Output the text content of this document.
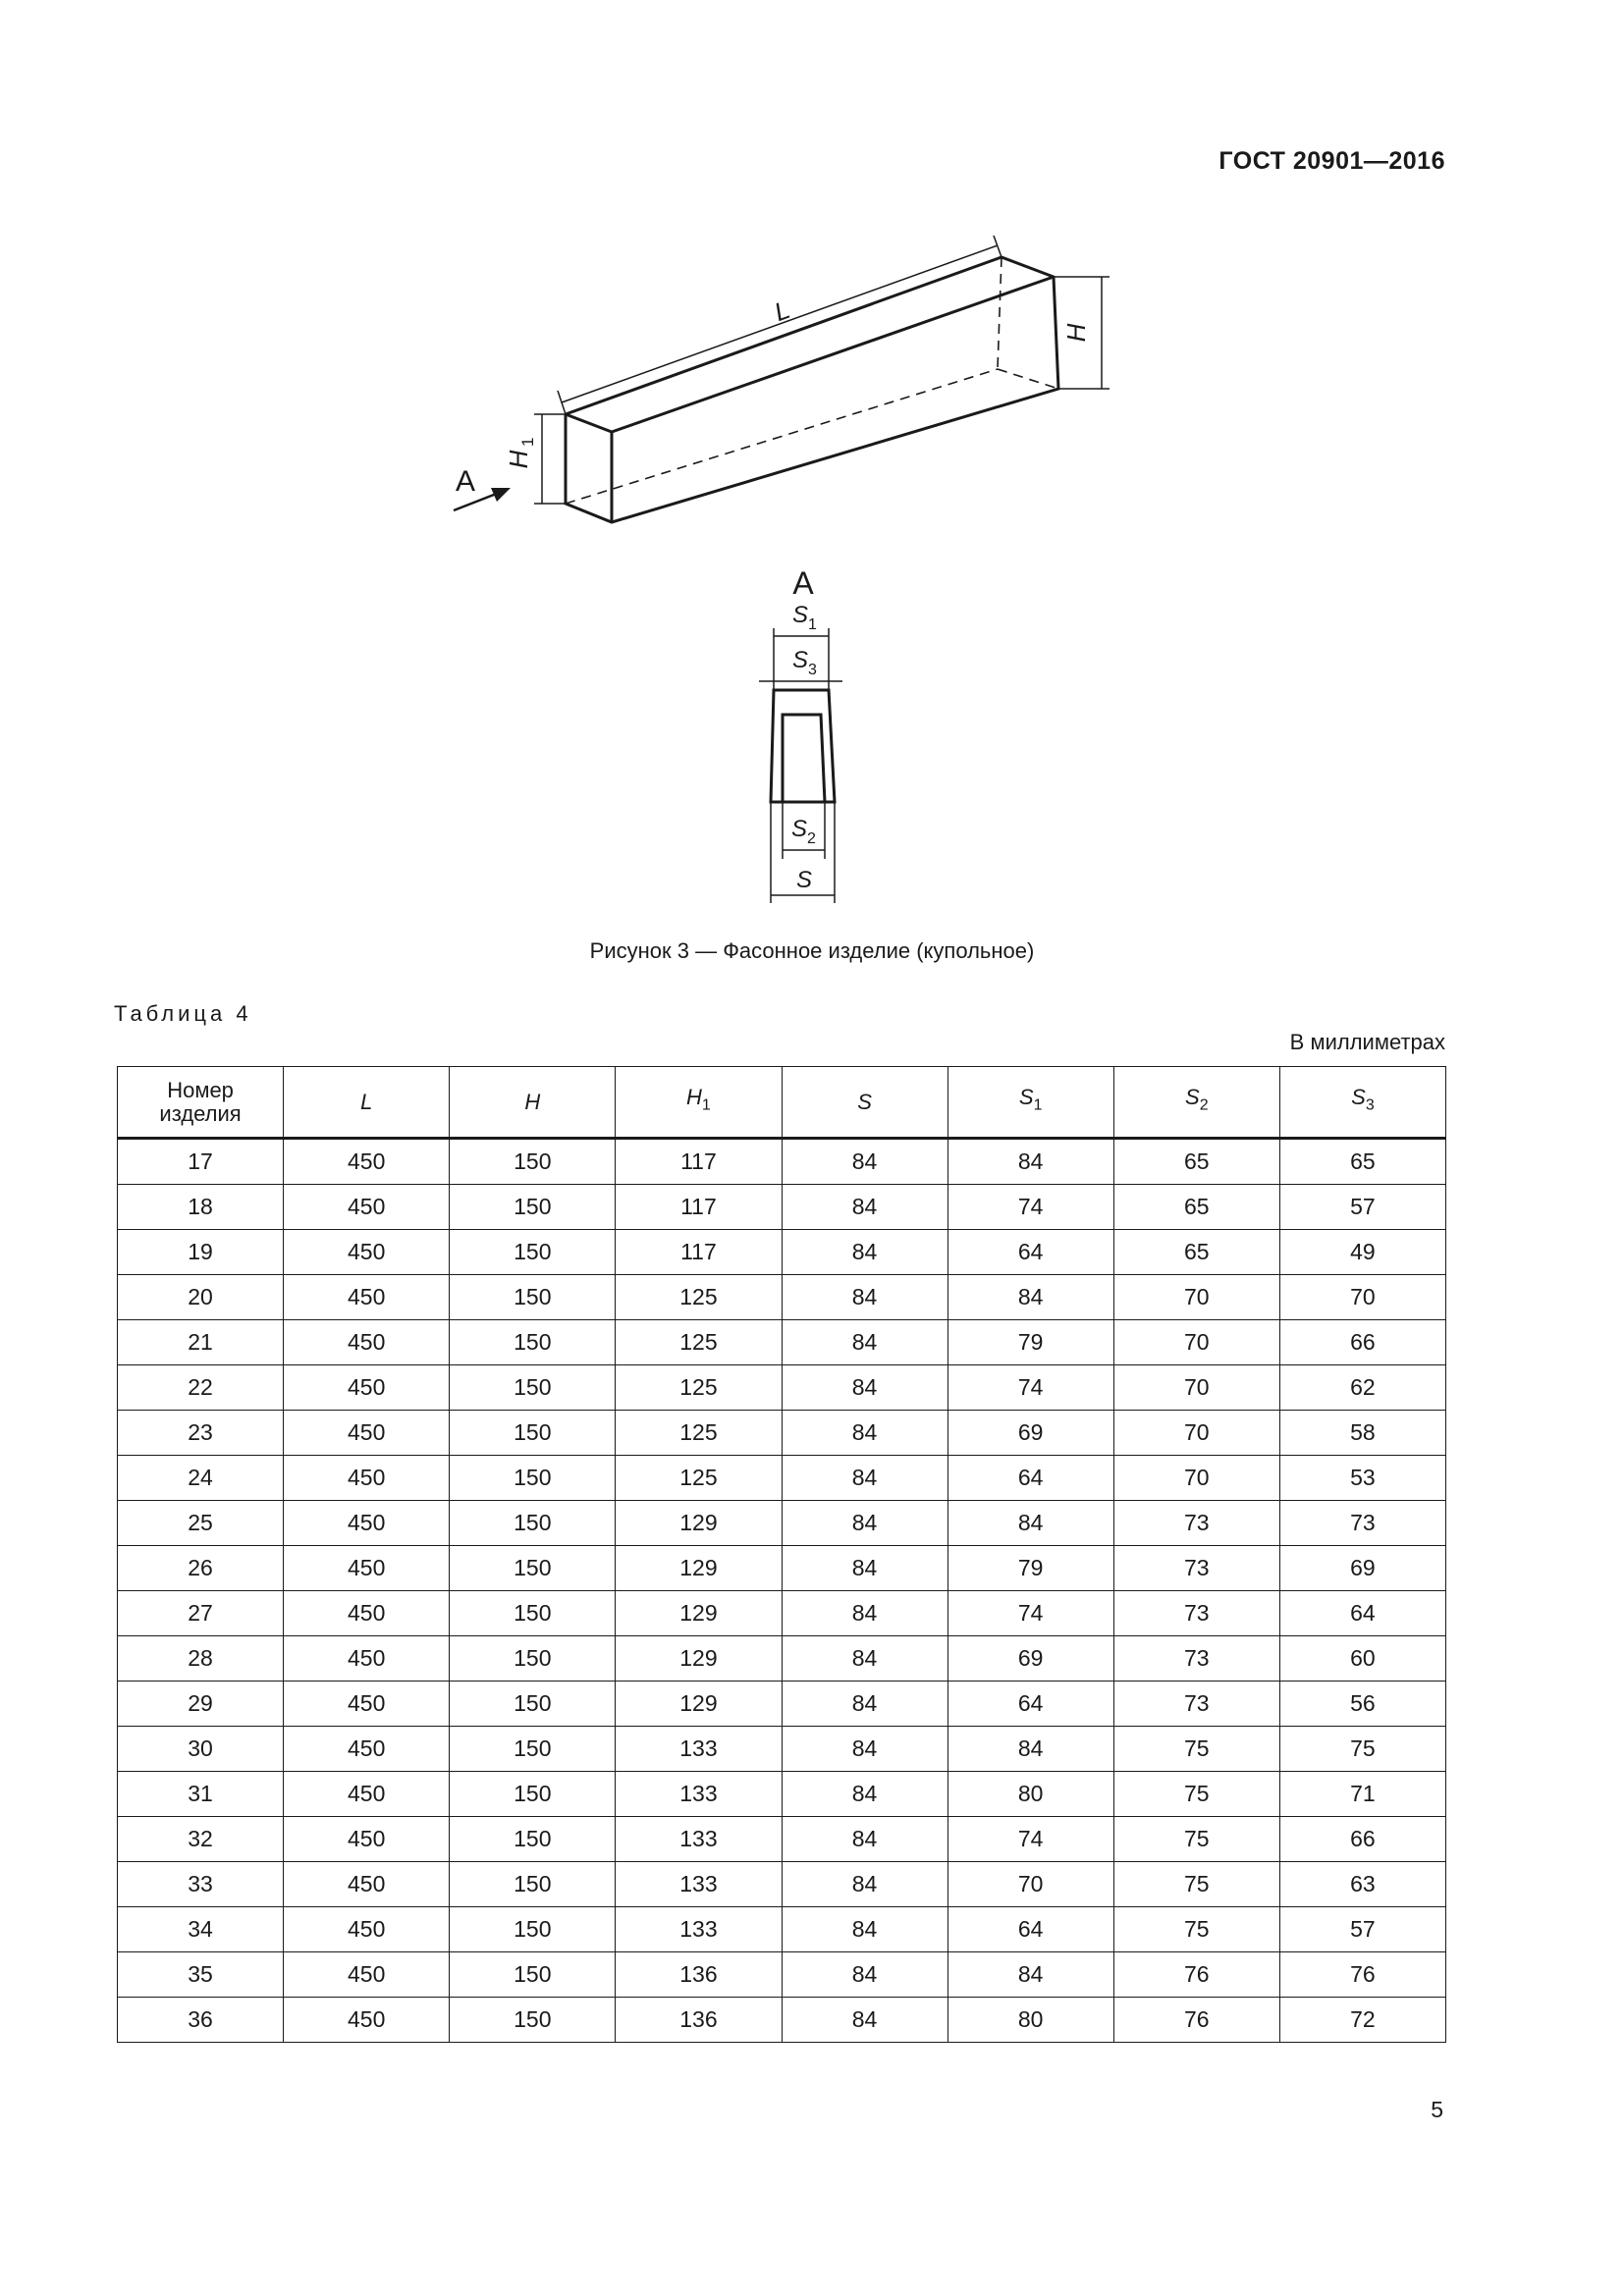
ГОСТ 20901—2016
L
H
H
1
A
A
S 1
S 3
S 2
S
Рисунок 3 — Фасонное изделие (купольное)
Таблица 4
В миллиметрах
Номер
изделия	L	H	$H_1$	S	$S_1$	$S_2$	$S_3$
17	450	150	117	84	84	65	65
18	450	150	117	84	74	65	57
19	450	150	117	84	64	65	49
20	450	150	125	84	84	70	70
21	450	150	125	84	79	70	66
22	450	150	125	84	74	70	62
23	450	150	125	84	69	70	58
24	450	150	125	84	64	70	53
25	450	150	129	84	84	73	73
26	450	150	129	84	79	73	69
27	450	150	129	84	74	73	64
28	450	150	129	84	69	73	60
29	450	150	129	84	64	73	56
30	450	150	133	84	84	75	75
31	450	150	133	84	80	75	71
32	450	150	133	84	74	75	66
33	450	150	133	84	70	75	63
34	450	150	133	84	64	75	57
35	450	150	136	84	84	76	76
36	450	150	136	84	80	76	72
5
